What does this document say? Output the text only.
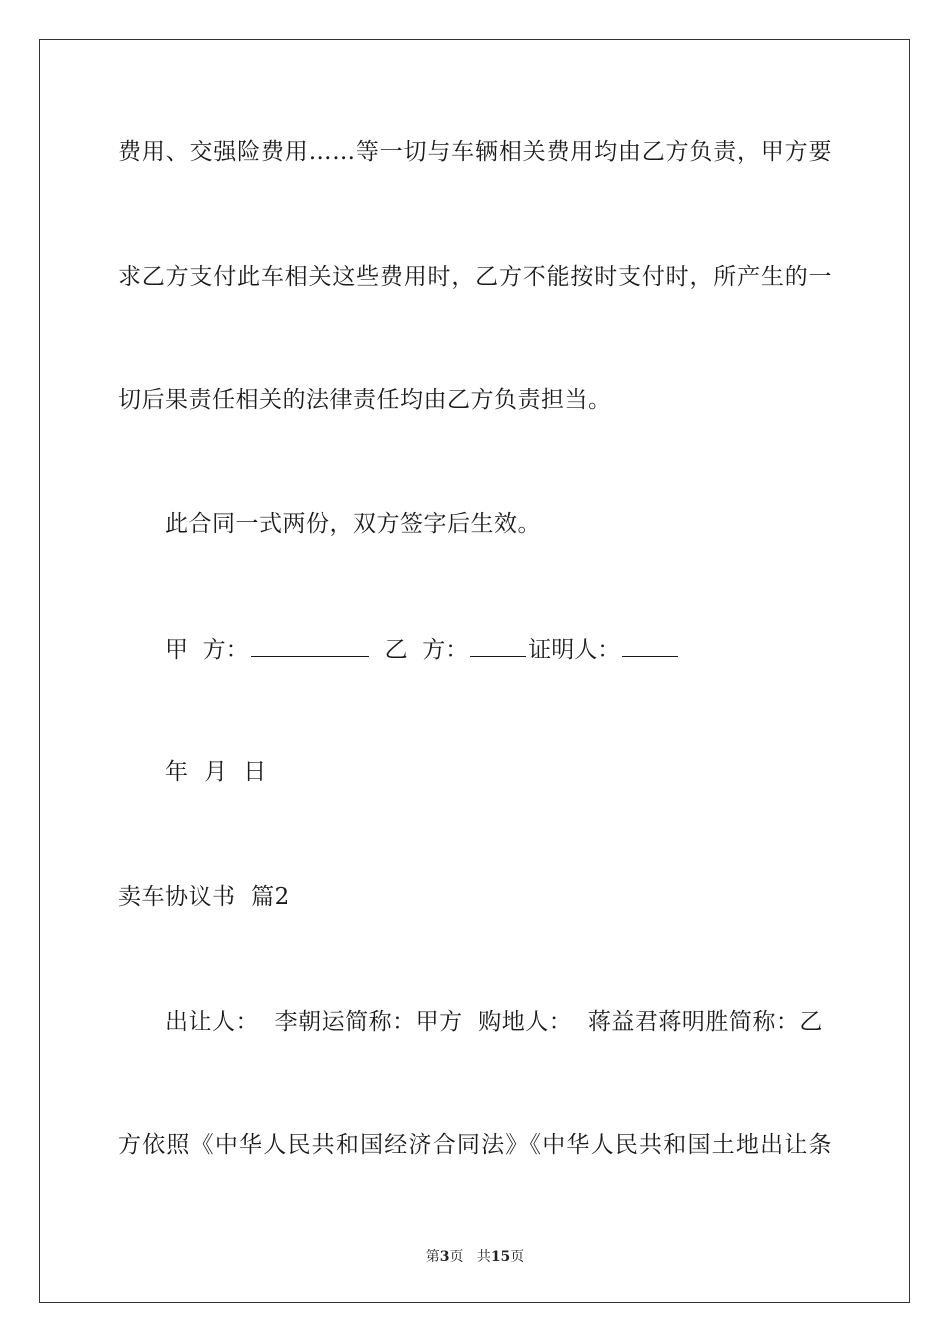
费用、交强险费用……等一切与车辆相关费用均由乙方负责，甲方要
求乙方支付此车相关这些费用时，乙方不能按时支付时，所产生的一
切后果责任相关的法律责任均由乙方负责担当。
此合同一式两份，双方签字后生效。
甲  方：	乙  方：	证明人：
年  月  日
卖车协议书  篇2
出让人：  李朝运简称：甲方  购地人：  蒋益君蒋明胜简称：乙
方依照《中华人民共和国经济合同法》《中华人民共和国土地出让条
第3页 共15页
